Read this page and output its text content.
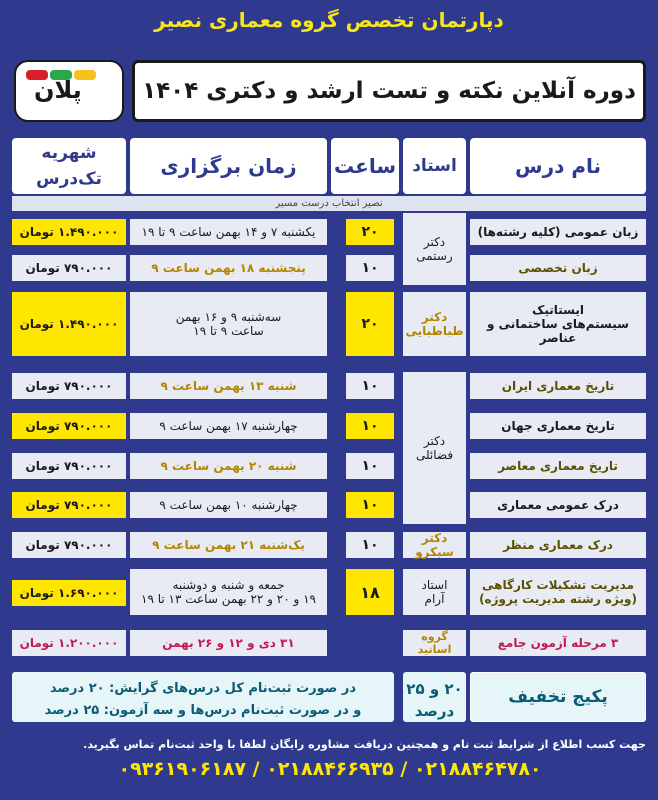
دپارتمان تخصص گروه معماری نصیر
پلان	دوره آنلاین نکته و تست ارشد و دکتری ۱۴۰۴
نام درس
استاد
ساعت
زمان برگزاری
شهریه تک‌درس
نصیر انتخاب درست مسیر
زبان عمومی (کلیه رشته‌ها)
۲۰
یکشنبه ۷ و ۱۴ بهمن ساعت ۹ تا ۱۹
۱.۴۹۰.۰۰۰ تومان
زبان تخصصی
۱۰
پنجشنبه ۱۸ بهمن ساعت ۹
۷۹۰.۰۰۰ تومان
دکتر
رستمی
ایستاتیک
سیستم‌های ساختمانی و عناصر
دکتر
طباطبایی
۲۰
سه‌شنبه ۹ و ۱۶ بهمن
ساعت ۹ تا ۱۹
۱.۴۹۰.۰۰۰ تومان
دکتر
فضائلی
تاریخ معماری ایران
۱۰
شنبه ۱۳ بهمن ساعت ۹
۷۹۰.۰۰۰ تومان
تاریخ معماری جهان
۱۰
چهارشنبه ۱۷ بهمن ساعت ۹
۷۹۰.۰۰۰ تومان
تاریخ معماری معاصر
۱۰
شنبه ۲۰ بهمن ساعت ۹
۷۹۰.۰۰۰ تومان
درک عمومی معماری
۱۰
چهارشنبه ۱۰ بهمن ساعت ۹
۷۹۰.۰۰۰ تومان
درک معماری منظر
دکتر سبکرو
۱۰
یک‌شنبه ۲۱ بهمن ساعت ۹
۷۹۰.۰۰۰ تومان
مدیریت تشکیلات کارگاهی
(ویژه رشته مدیریت پروژه)
استاد
آرام
۱۸
جمعه و شنبه و دوشنبه
۱۹ و ۲۰ و ۲۲ بهمن ساعت ۱۳ تا ۱۹
۱.۶۹۰.۰۰۰ تومان
۳ مرحله آزمون جامع
۳۱ دی و ۱۲ و ۲۶ بهمن	گروه اساتید
۱.۲۰۰.۰۰۰ تومان
پکیج تخفیف
۲۰ و ۲۵
درصد
در صورت ثبت‌نام کل درس‌های گرایش: ۲۰ درصد
و در صورت ثبت‌نام درس‌ها و سه آزمون: ۲۵ درصد
جهت کسب اطلاع از شرایط ثبت نام و همچنین دریافت مشاوره رایگان لطفا با واحد ثبت‌نام تماس بگیرید.
۰۹۳۶۱۹۰۶۱۸۷ / ۰۲۱۸۸۴۶۶۹۳۵ / ۰۲۱۸۸۴۶۴۷۸۰
